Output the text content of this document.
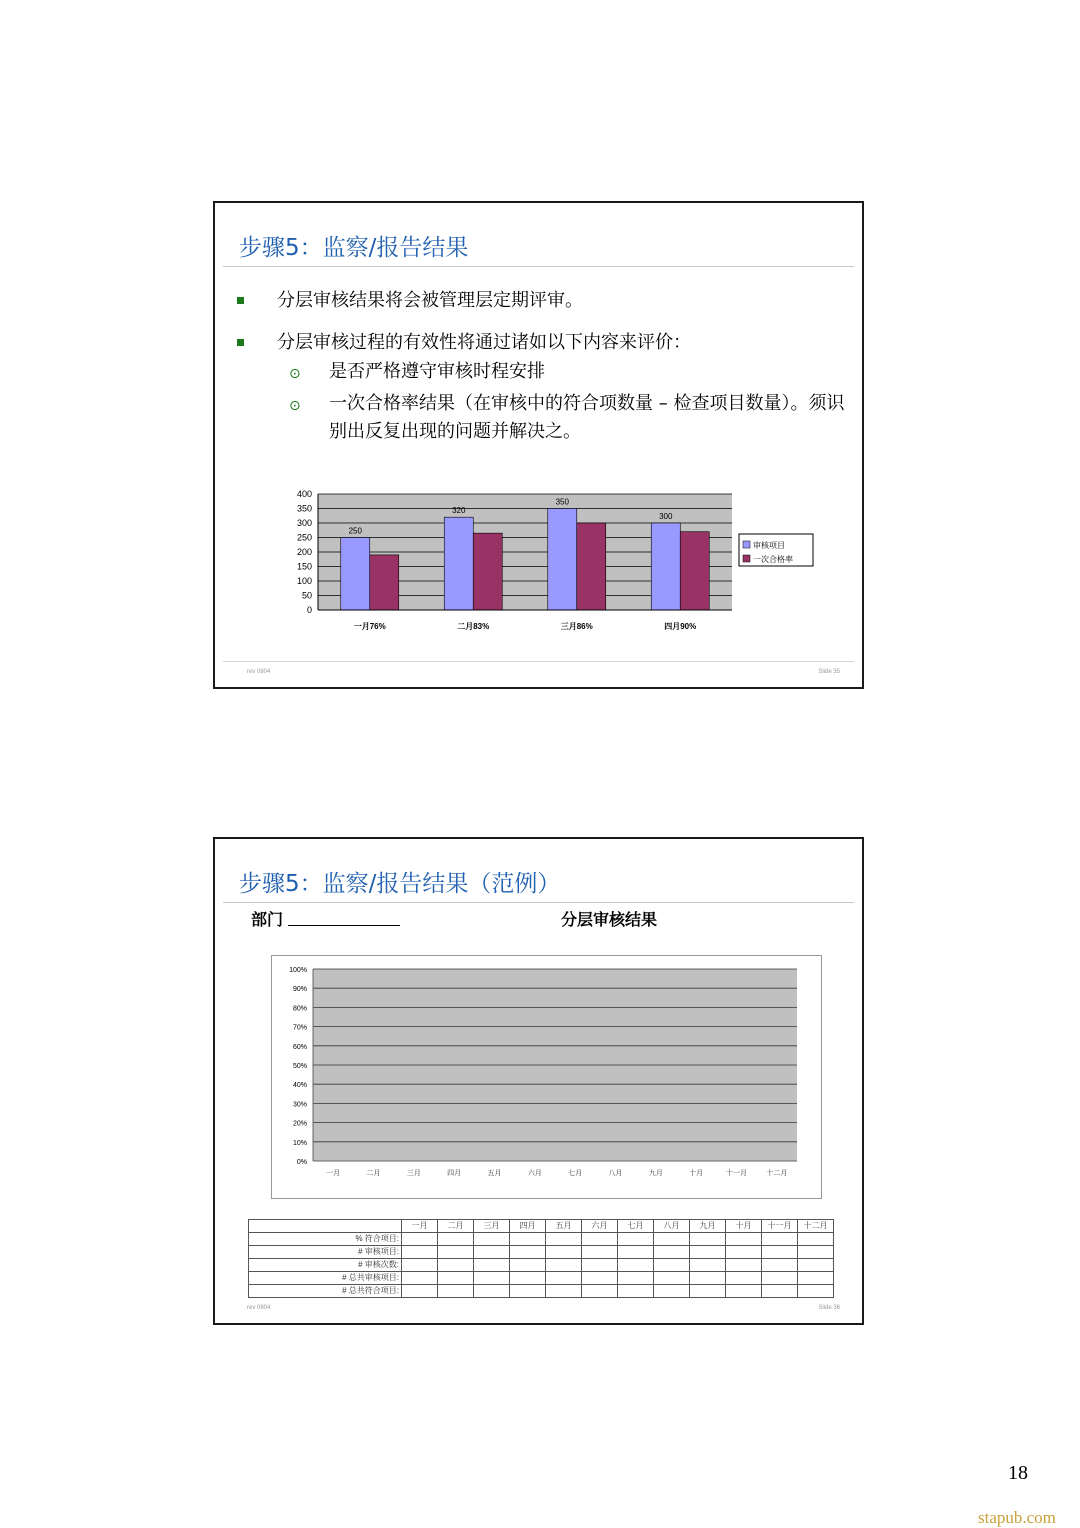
步骤5：监察/报告结果
分层审核结果将会被管理层定期评审。
分层审核过程的有效性将通过诸如以下内容来评价：
⊙ 是否严格遵守审核时程安排
⊙ 一次合格率结果（在审核中的符合项数量 – 检查项目数量）。须识别出反复出现的问题并解决之。
0
50
100
150
200
250
300
350
400
250
320
350
300
一月76%	二月83%	三月86%	四月90%
审核项目
一次合格率
rev 0804	Slide 35
步骤5：监察/报告结果（范例）
部门	分层审核结果
0%
10%
20%
30%
40%
50%
60%
70%
80%
90%
100%
一月	二月	三月	四月	五月	六月	七月	八月	九月	十月	十一月	十二月
	一月	二月	三月	四月	五月	六月	七月	八月	九月	十月	十一月	十二月
% 符合项目:												
# 审核项目:												
# 审核次数:												
# 总共审核项目:												
# 总共符合项目:												
rev 0804	Slide 36
18
stapub.com
